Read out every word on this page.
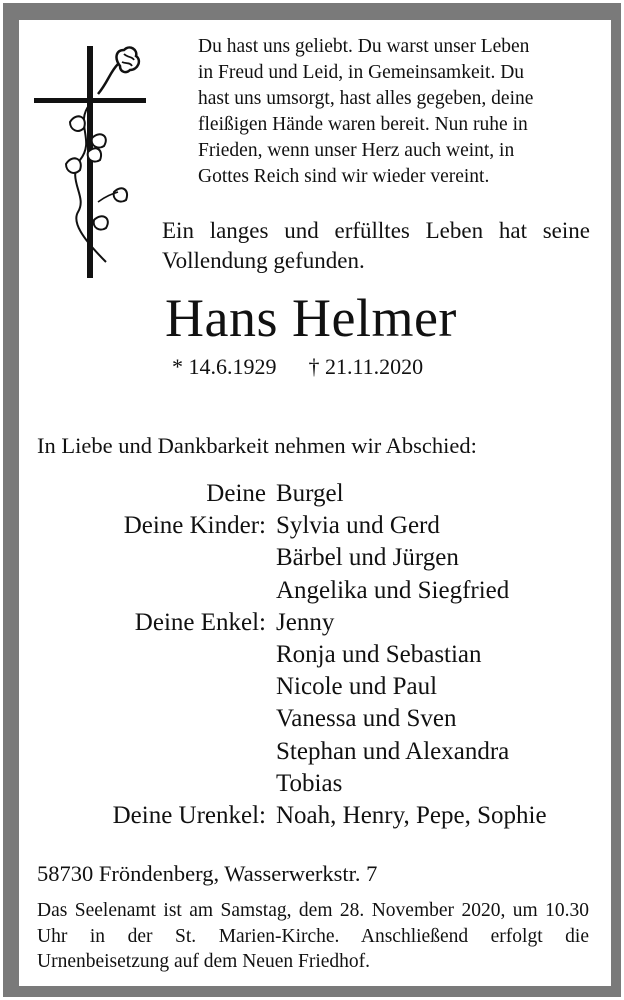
Du hast uns geliebt. Du warst unser Leben
in Freud und Leid, in Gemeinsamkeit. Du
hast uns umsorgt, hast alles gegeben, deine
fleißigen Hände waren bereit. Nun ruhe in
Frieden, wenn unser Herz auch weint, in
Gottes Reich sind wir wieder vereint.
Ein langes und erfülltes Leben hat seine Vollendung gefunden.
Hans Helmer
* 14.6.1929 † 21.11.2020
In Liebe und Dankbarkeit nehmen wir Abschied:
Deine Burgel
Deine Kinder: Sylvia und Gerd
Bärbel und Jürgen
Angelika und Siegfried
Deine Enkel: Jenny
Ronja und Sebastian
Nicole und Paul
Vanessa und Sven
Stephan und Alexandra
Tobias
Deine Urenkel: Noah, Henry, Pepe, Sophie
58730 Fröndenberg, Wasserwerkstr. 7
Das Seelenamt ist am Samstag, dem 28. November 2020, um 10.30 Uhr in der St. Marien-Kirche. Anschließend erfolgt die Urnenbeisetzung auf dem Neuen Friedhof.
